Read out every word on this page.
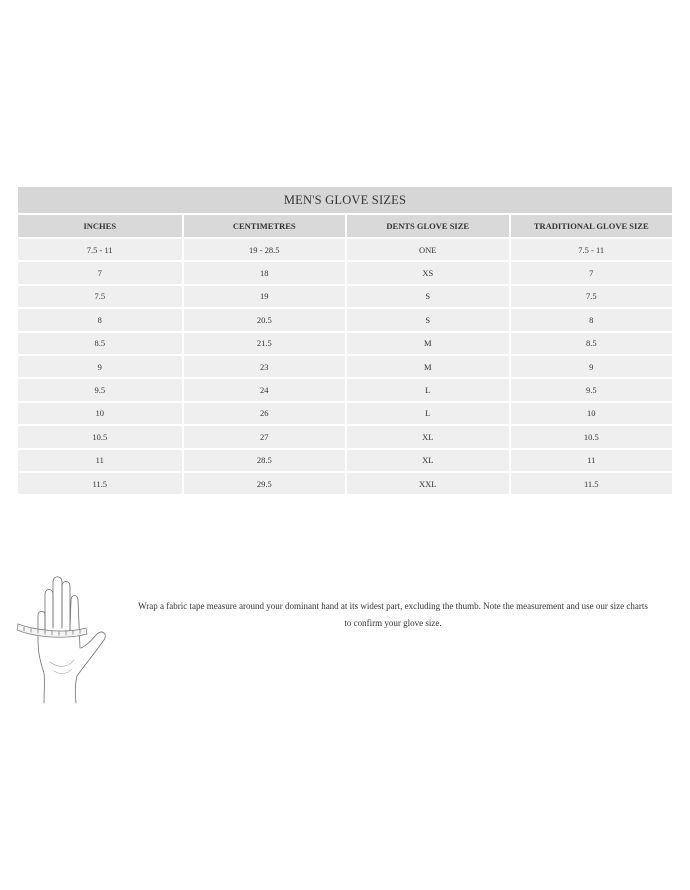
MEN'S GLOVE SIZES			
INCHES	CENTIMETRES	DENTS GLOVE SIZE	TRADITIONAL GLOVE SIZE
7.5 - 11	19 - 28.5	ONE	7.5 - 11
7	18	XS	7
7.5	19	S	7.5
8	20.5	S	8
8.5	21.5	M	8.5
9	23	M	9
9.5	24	L	9.5
10	26	L	10
10.5	27	XL	10.5
11	28.5	XL	11
11.5	29.5	XXL	11.5
Wrap a fabric tape measure around your dominant hand at its widest part, excluding the thumb. Note the measurement and use our size charts
to confirm your glove size.
